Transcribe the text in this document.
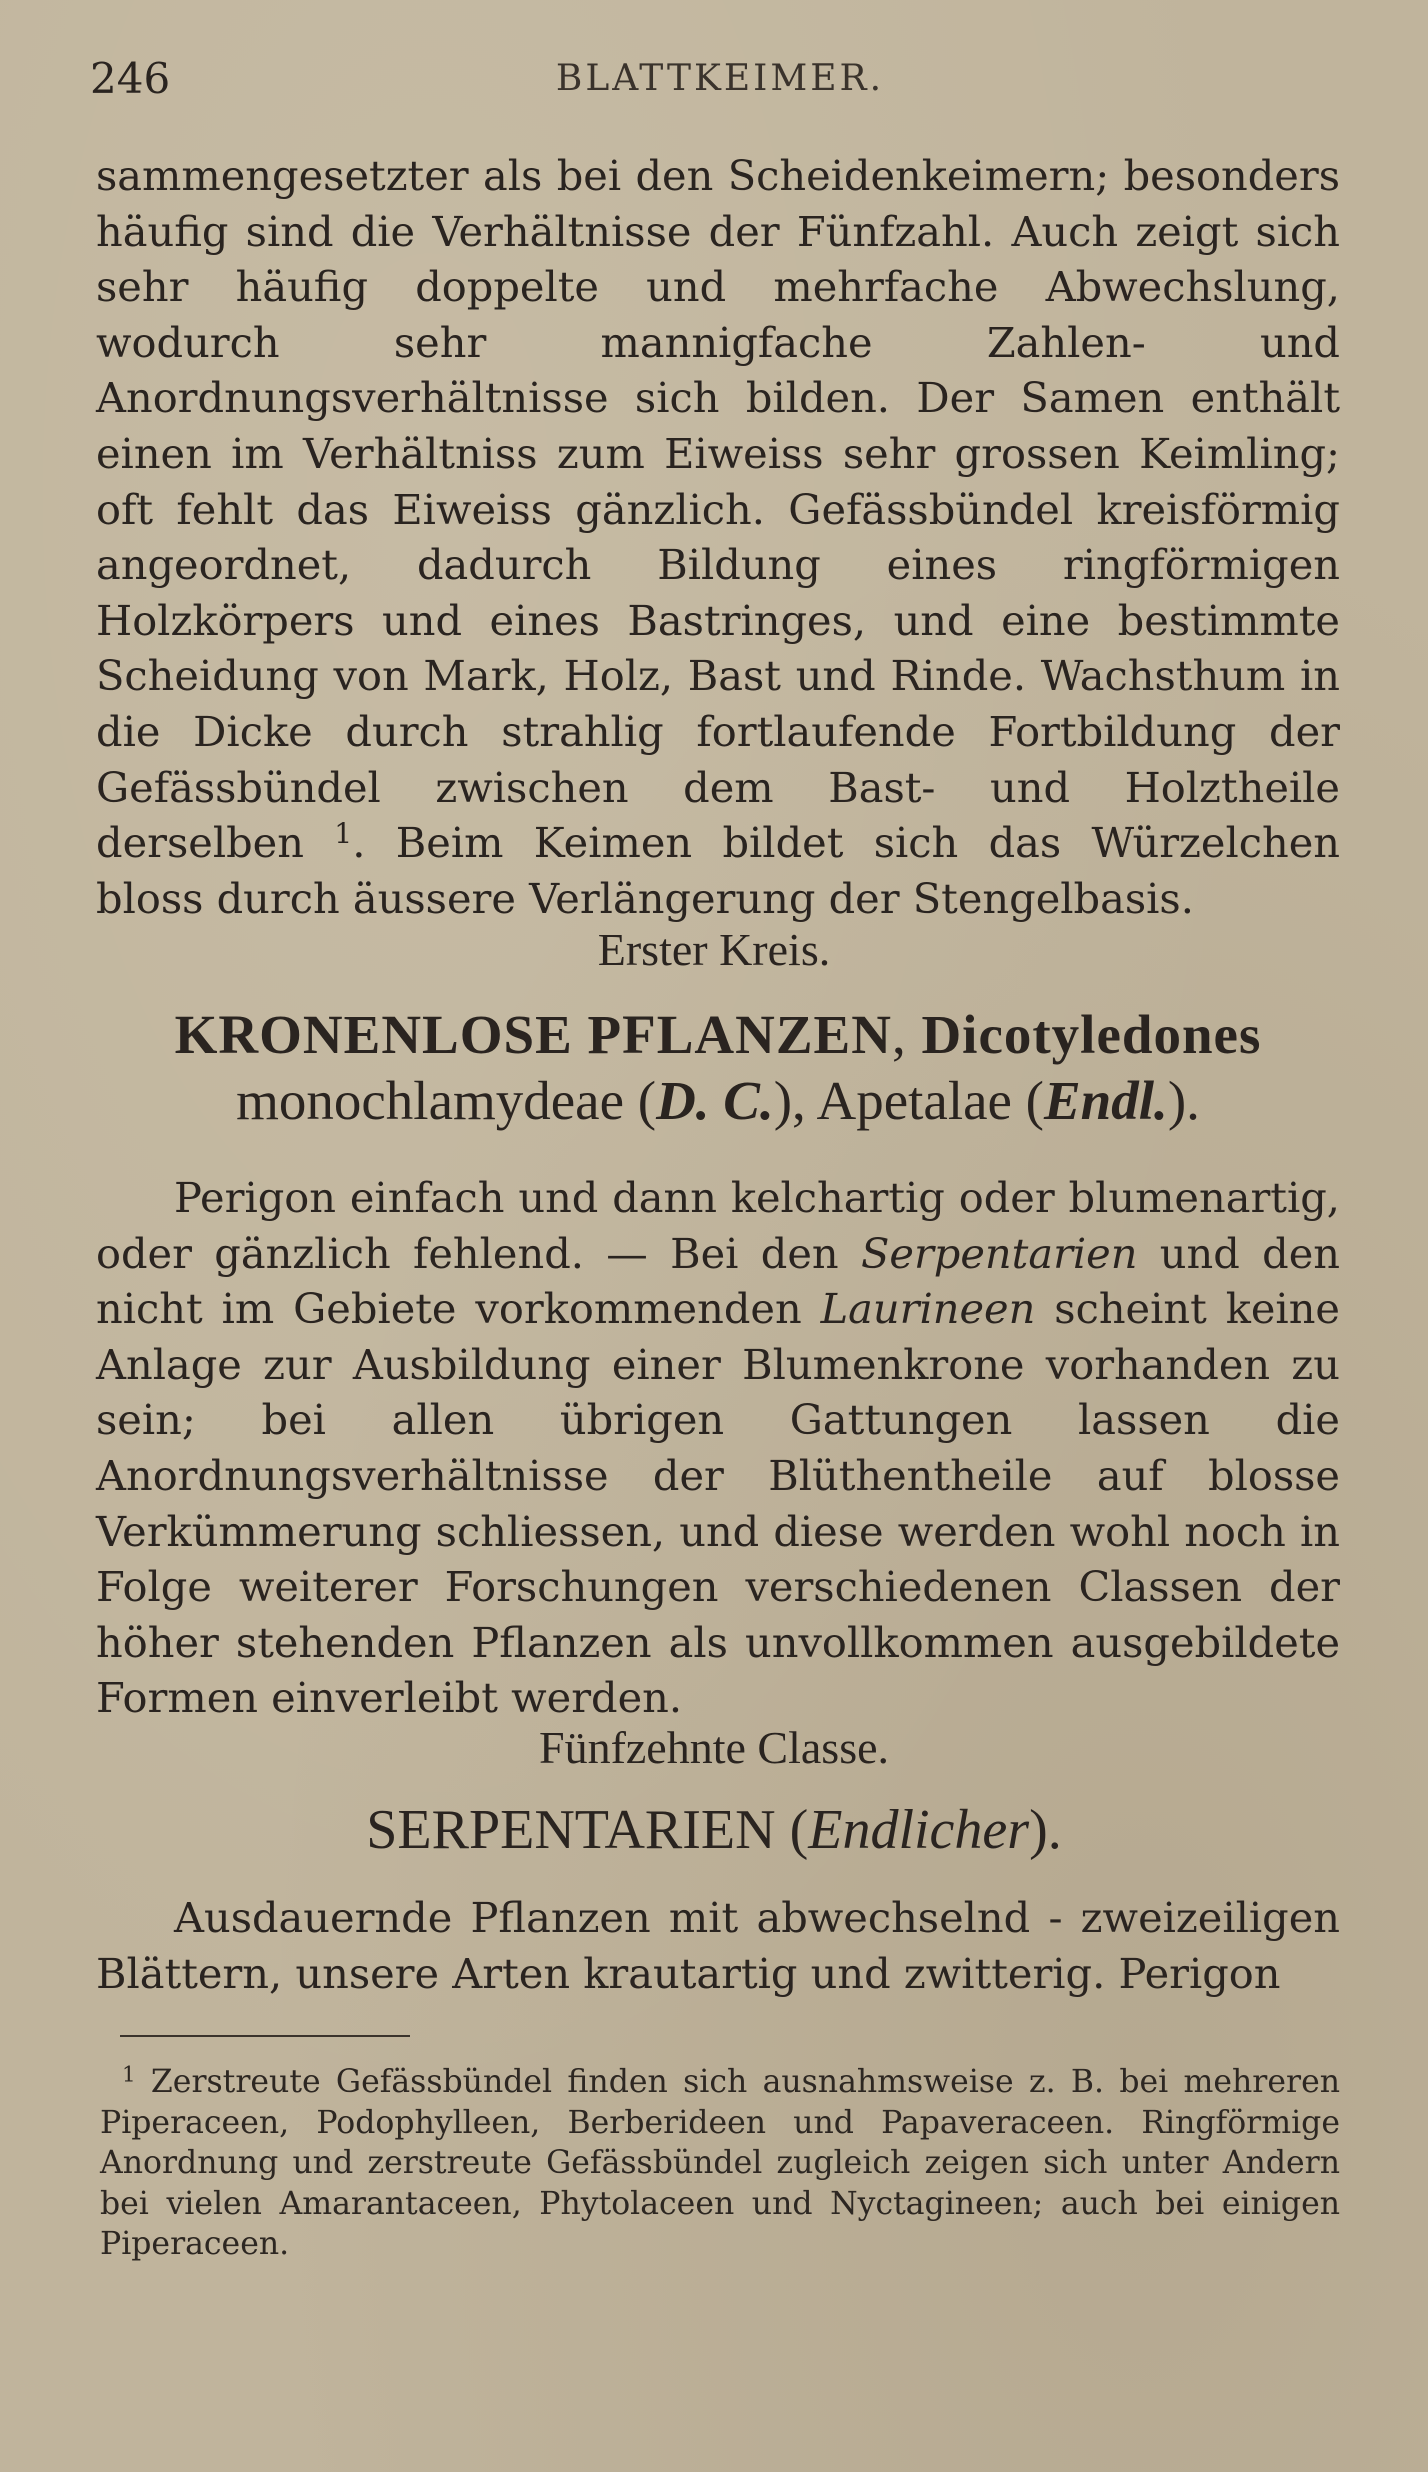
246	BLATTKEIMER.

sammengesetzter als bei den Scheidenkeimern; besonders häufig sind die Verhältnisse der Fünfzahl. Auch zeigt sich sehr häufig doppelte und mehrfache Abwechslung, wodurch sehr mannigfache Zahlen- und Anordnungsverhältnisse sich bilden. Der Samen enthält einen im Verhältniss zum Eiweiss sehr grossen Keimling; oft fehlt das Eiweiss gänzlich. Gefässbündel kreisförmig angeordnet, dadurch Bildung eines ringförmigen Holzkörpers und eines Bastringes, und eine bestimmte Scheidung von Mark, Holz, Bast und Rinde. Wachsthum in die Dicke durch strahlig fortlaufende Fortbildung der Gefässbündel zwischen dem Bast- und Holztheile derselben $^1$. Beim Keimen bildet sich das Würzelchen bloss durch äussere Verlängerung der Stengelbasis.

Erster Kreis.
KRONENLOSE PFLANZEN, Dicotyledones
monochlamydeae (D. C.), Apetalae (Endl.).

Perigon einfach und dann kelchartig oder blumenartig, oder gänzlich fehlend. — Bei den Serpentarien und den nicht im Gebiete vorkommenden Laurineen scheint keine Anlage zur Ausbildung einer Blumenkrone vorhanden zu sein; bei allen übrigen Gattungen lassen die Anordnungsverhältnisse der Blüthentheile auf blosse Verkümmerung schliessen, und diese werden wohl noch in Folge weiterer Forschungen verschiedenen Classen der höher stehenden Pflanzen als unvollkommen ausgebildete Formen einverleibt werden.

Fünfzehnte Classe.
SERPENTARIEN (Endlicher).

Ausdauernde Pflanzen mit abwechselnd - zweizeiligen Blättern, unsere Arten krautartig und zwitterig. Perigon

$^1$ Zerstreute Gefässbündel finden sich ausnahmsweise z. B. bei mehreren Piperaceen, Podophylleen, Berberideen und Papaveraceen. Ringförmige Anordnung und zerstreute Gefässbündel zugleich zeigen sich unter Andern bei vielen Amarantaceen, Phytolaceen und Nyctagineen; auch bei einigen Piperaceen.
